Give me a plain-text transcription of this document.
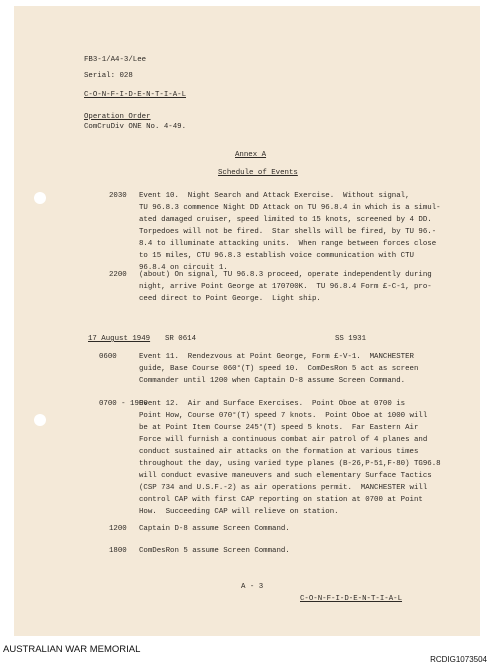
FB3-1/A4-3/Lee
Serial: 028
C-O-N-F-I-D-E-N-T-I-A-L
Operation Order
ComCruDiv ONE No. 4-49.
Annex A
Schedule of Events
2030 Event 10.  Night Search and Attack Exercise.  Without signal,
TU 96.8.3 commence Night DD Attack on TU 96.8.4 in which is a simul-
ated damaged cruiser, speed limited to 15 knots, screened by 4 DD.
Torpedoes will not be fired.  Star shells will be fired, by TU 96.-
8.4 to illuminate attacking units.  When range between forces close
to 15 miles, CTU 96.8.3 establish voice communication with CTU
96.8.4 on circuit 1.
2200 (about) On signal, TU 96.8.3 proceed, operate independently during
night, arrive Point George at 170700K.  TU 96.8.4 Form £-C-1, pro-
ceed direct to Point George.  Light ship.
17 August 1949 SR 0614	SS 1931
0600	Event 11.  Rendezvous at Point George, Form £-V-1.  MANCHESTER
guide, Base Course 060°(T) speed 10.  ComDesRon 5 act as screen
Commander until 1200 when Captain D-8 assume Screen Command.
0700 - 1900
Event 12.  Air and Surface Exercises.  Point Oboe at 0700 is
Point How, Course 070°(T) speed 7 knots.  Point Oboe at 1000 will
be at Point Item Course 245°(T) speed 5 knots.  Far Eastern Air
Force will furnish a continuous combat air patrol of 4 planes and
conduct sustained air attacks on the formation at various times
throughout the day, using varied type planes (B-26,P-51,F-80) TG96.8
will conduct evasive maneuvers and such elementary Surface Tactics
(CSP 734 and U.S.F.-2) as air operations permit.  MANCHESTER will
control CAP with first CAP reporting on station at 0700 at Point
How.  Succeeding CAP will relieve on station.
1200 Captain D-8 assume Screen Command.
1800 ComDesRon 5 assume Screen Command.
A - 3
C-O-N-F-I-D-E-N-T-I-A-L
AUSTRALIAN WAR MEMORIAL
RCDIG1073504
